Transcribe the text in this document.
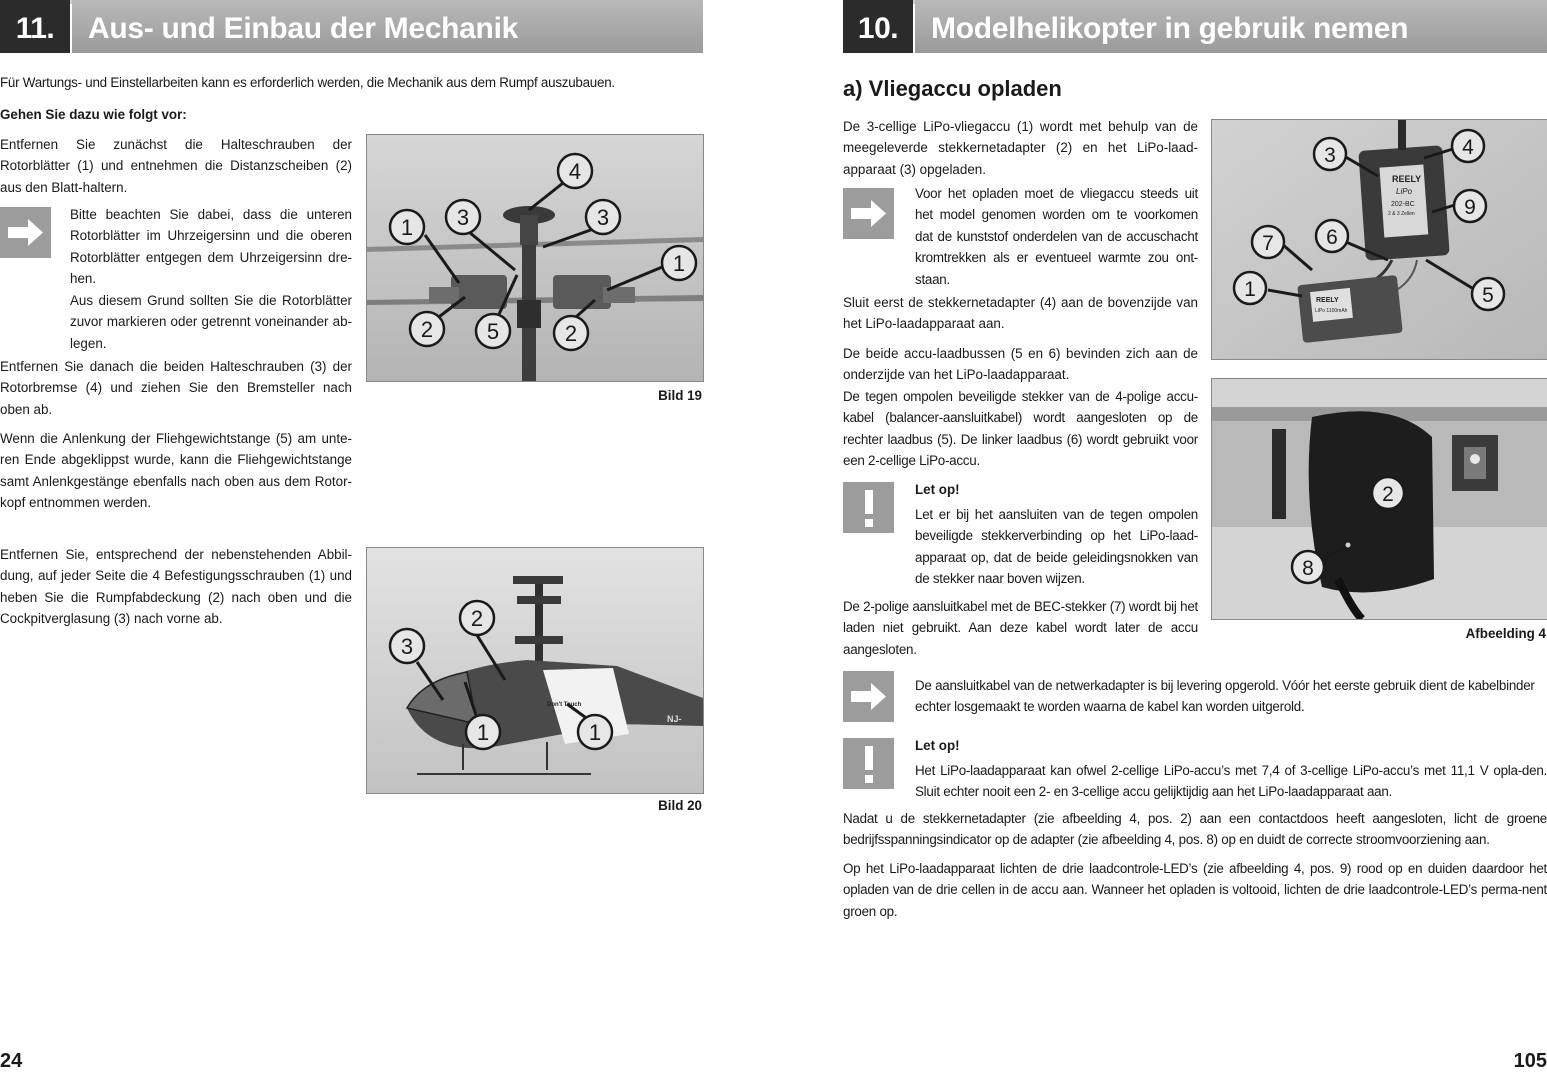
11.	Aus- und Einbau der Mechanik

Für Wartungs- und Einstellarbeiten kann es erforderlich werden, die Mechanik aus dem Rumpf auszubauen.

Gehen Sie dazu wie folgt vor:

Entfernen Sie zunächst die Halteschrauben der Rotorblätter (1) und entnehmen die Distanzscheiben (2) aus den Blatt-haltern.

Bitte beachten Sie dabei, dass die unteren Rotorblätter im Uhrzeigersinn und die oberen Rotorblätter entgegen dem Uhrzeigersinn dre-hen.

Aus diesem Grund sollten Sie die Rotorblätter zuvor markieren oder getrennt voneinander ab-legen.

Entfernen Sie danach die beiden Halteschrauben (3) der Rotorbremse (4) und ziehen Sie den Bremsteller nach oben ab.

Wenn die Anlenkung der Fliehgewichtstange (5) am unte-ren Ende abgeklippst wurde, kann die Fliehgewichtstange samt Anlenkgestänge ebenfalls nach oben aus dem Rotor-kopf entnommen werden.

Entfernen Sie, entsprechend der nebenstehenden Abbil-dung, auf jeder Seite die 4 Befestigungsschrauben (1) und heben Sie die Rumpfabdeckung (2) nach oben und die Cockpitverglasung (3) nach vorne ab.

4
1 3	3
1
2 5	2
Bild 19
Don't Touch
NJ-
2
3
1	1
Bild 20
24
10.	Modelhelikopter in gebruik nemen
a) Vliegaccu opladen

De 3-cellige LiPo-vliegaccu (1) wordt met behulp van de meegeleverde stekkernetadapter (2) en het LiPo-laad-apparaat (3) opgeladen.

Voor het opladen moet de vliegaccu steeds uit het model genomen worden om te voorkomen dat de kunststof onderdelen van de accuschacht kromtrekken als er eventueel warmte zou ont-staan.

Sluit eerst de stekkernetadapter (4) aan de bovenzijde van het LiPo-laadapparaat aan.

De beide accu-laadbussen (5 en 6) bevinden zich aan de onderzijde van het LiPo-laadapparaat.

De tegen ompolen beveiligde stekker van de 4-polige accu-kabel (balancer-aansluitkabel) wordt aangesloten op de rechter laadbus (5). De linker laadbus (6) wordt gebruikt voor een 2-cellige LiPo-accu.

Let op!

Let er bij het aansluiten van de tegen ompolen beveiligde stekkerverbinding op het LiPo-laad-apparaat op, dat de beide geleidingsnokken van de stekker naar boven wijzen.

De 2-polige aansluitkabel met de BEC-stekker (7) wordt bij het laden niet gebruikt. Aan deze kabel wordt later de accu aangesloten.

REELY
LiPo
202-BC
2 & 3 Zellen
REELY
LiPo 1100mAh
3	4
9
7 6
1	5
2
8
Afbeelding 4

De aansluitkabel van de netwerkadapter is bij levering opgerold. Vóór het eerste gebruik dient de kabelbinder echter losgemaakt te worden waarna de kabel kan worden uitgerold.

Let op!

Het LiPo-laadapparaat kan ofwel 2-cellige LiPo-accu’s met 7,4 of 3-cellige LiPo-accu’s met 11,1 V opla-den. Sluit echter nooit een 2- en 3-cellige accu gelijktijdig aan het LiPo-laadapparaat aan.

Nadat u de stekkernetadapter (zie afbeelding 4, pos. 2) aan een contactdoos heeft aangesloten, licht de groene bedrijfsspanningsindicator op de adapter (zie afbeelding 4, pos. 8) op en duidt de correcte stroomvoorziening aan.

Op het LiPo-laadapparaat lichten de drie laadcontrole-LED’s (zie afbeelding 4, pos. 9) rood op en duiden daardoor het opladen van de drie cellen in de accu aan. Wanneer het opladen is voltooid, lichten de drie laadcontrole-LED’s perma-nent groen op.

105
